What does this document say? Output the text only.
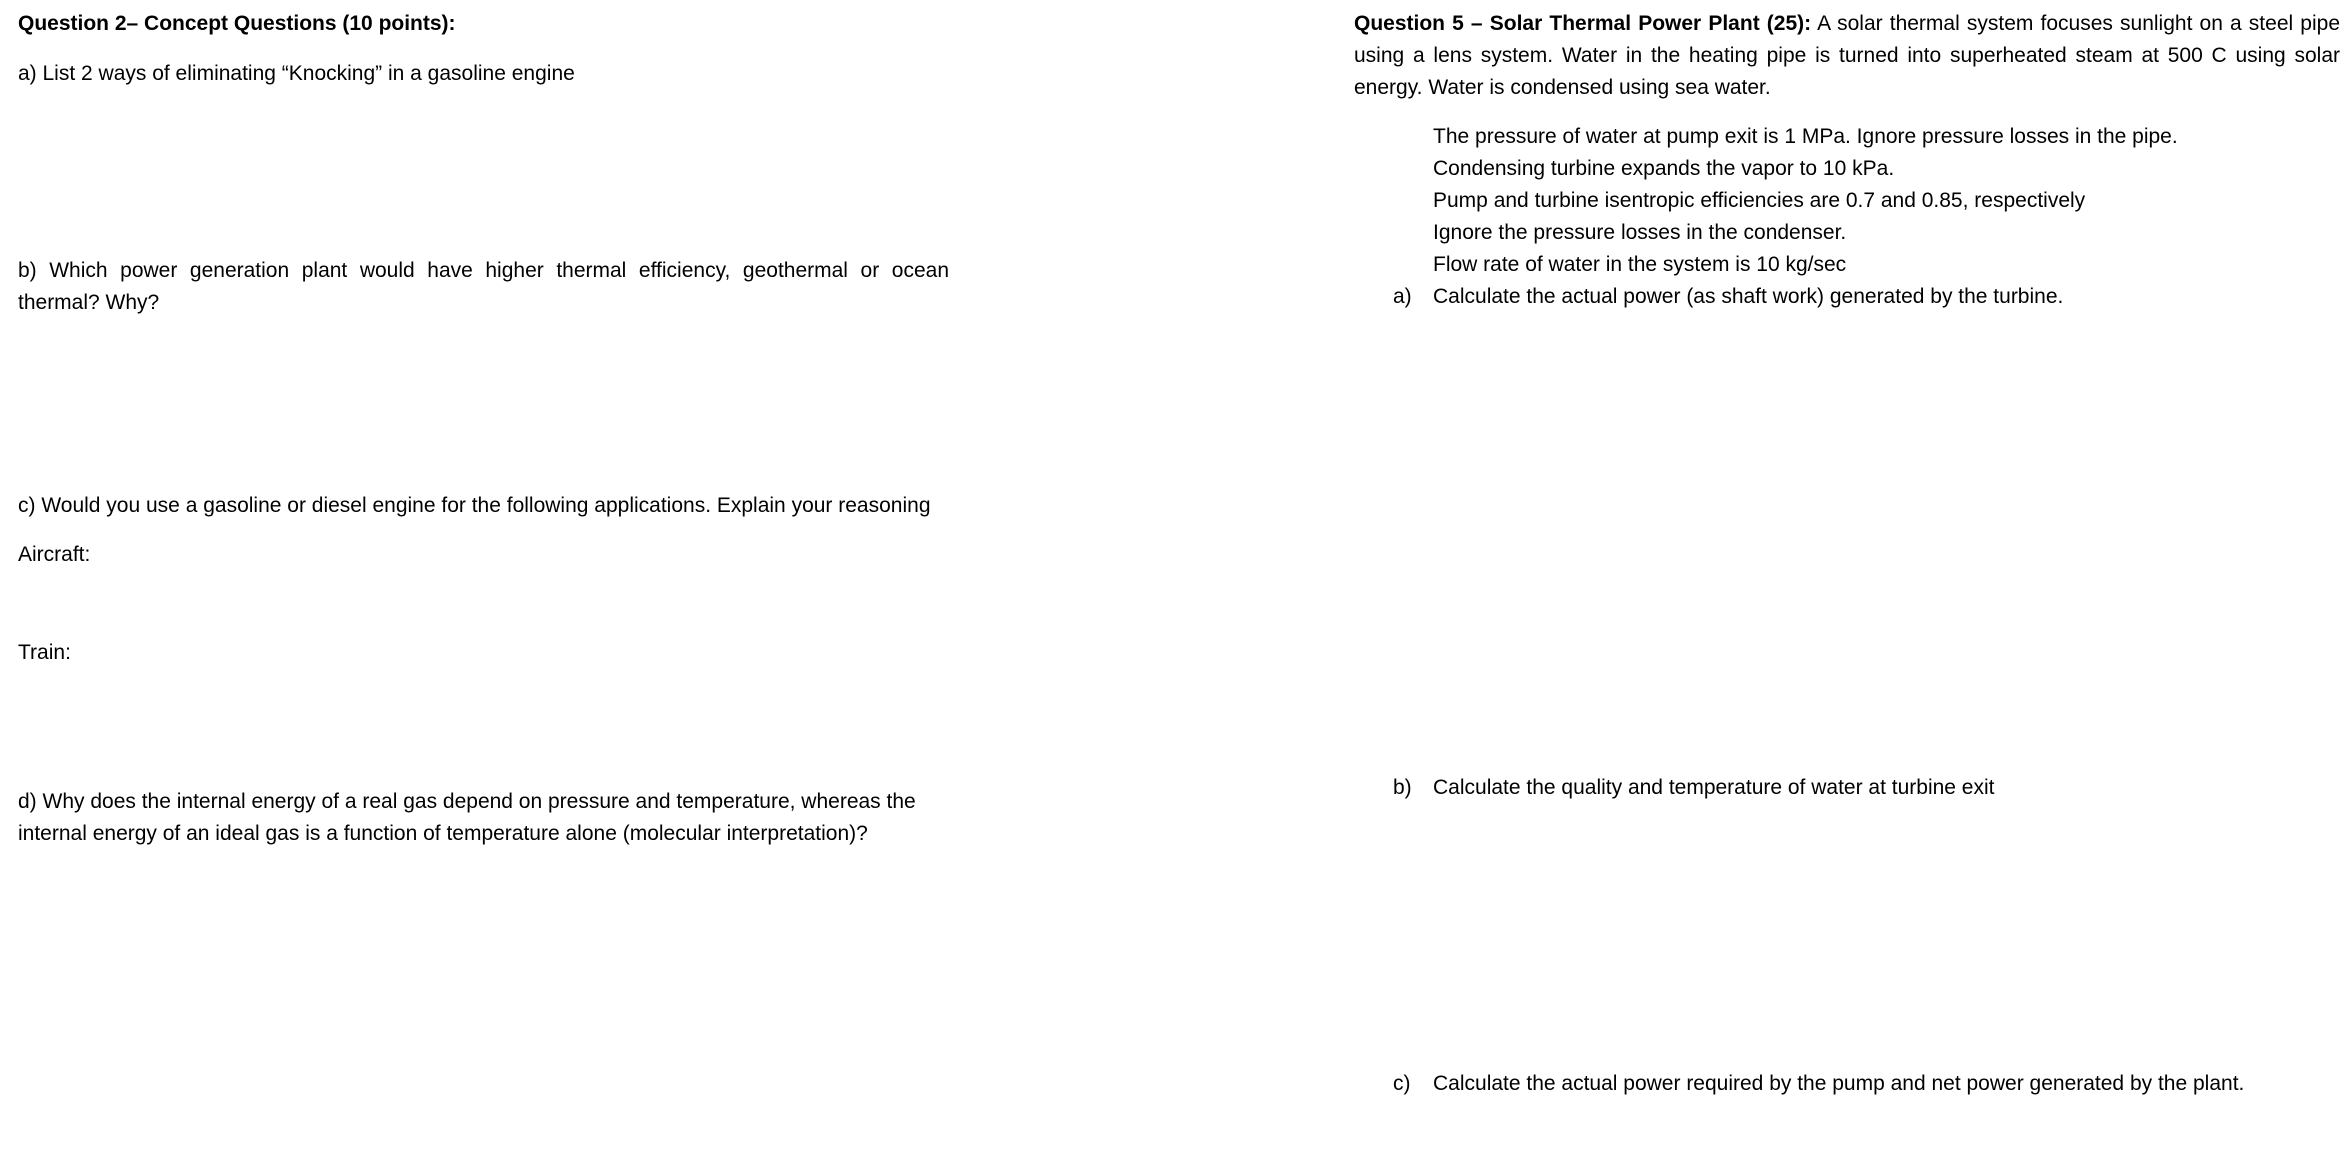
Question 2– Concept Questions (10 points):
a) List 2 ways of eliminating “Knocking” in a gasoline engine
b) Which power generation plant would have higher thermal efficiency, geothermal or ocean thermal? Why?
c) Would you use a gasoline or diesel engine for the following applications. Explain your reasoning
Aircraft:
Train:
d) Why does the internal energy of a real gas depend on pressure and temperature, whereas the internal energy of an ideal gas is a function of temperature alone (molecular interpretation)?
Question 5 – Solar Thermal Power Plant (25): A solar thermal system focuses sunlight on a steel pipe using a lens system. Water in the heating pipe is turned into superheated steam at 500 C using solar energy. Water is condensed using sea water.
The pressure of water at pump exit is 1 MPa. Ignore pressure losses in the pipe.
Condensing turbine expands the vapor to 10 kPa.
Pump and turbine isentropic efficiencies are 0.7 and 0.85, respectively
Ignore the pressure losses in the condenser.
Flow rate of water in the system is 10 kg/sec
a) Calculate the actual power (as shaft work) generated by the turbine.
b) Calculate the quality and temperature of water at turbine exit
c) Calculate the actual power required by the pump and net power generated by the plant.
